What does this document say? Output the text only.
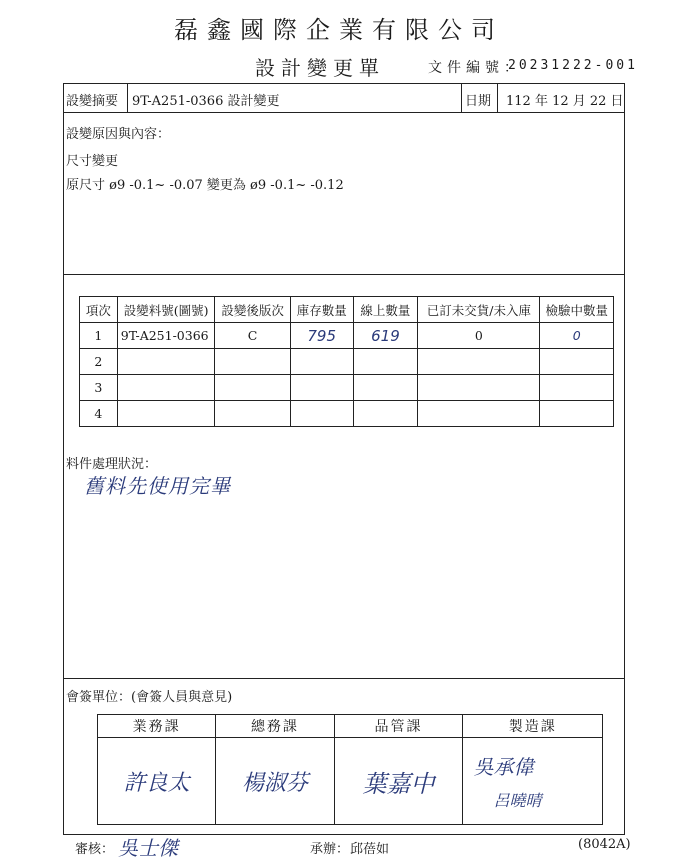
磊鑫國際企業有限公司
設計變更單	文件編號：
20231222-001
設變摘要 9T-A251-0366 設計變更	日期 112 年 12 月 22 日
設變原因與內容：
尺寸變更
原尺寸 ø9 -0.1~ -0.07 變更為 ø9 -0.1~ -0.12
項次	設變料號(圖號)	設變後版次	庫存數量	線上數量	已訂未交貨/未入庫	檢驗中數量
1	9T-A251-0366	C	795	619	0	0
2						
3						
4						
料件處理狀況：
舊料先使用完畢
會簽單位：(會簽人員與意見)
業務課	總務課	品管課	製造課
許良太	楊淑芬	葉嘉中	吳承偉
呂曉晴
審核： 吳士傑	承辦： 邱蓓如	(8042A)
